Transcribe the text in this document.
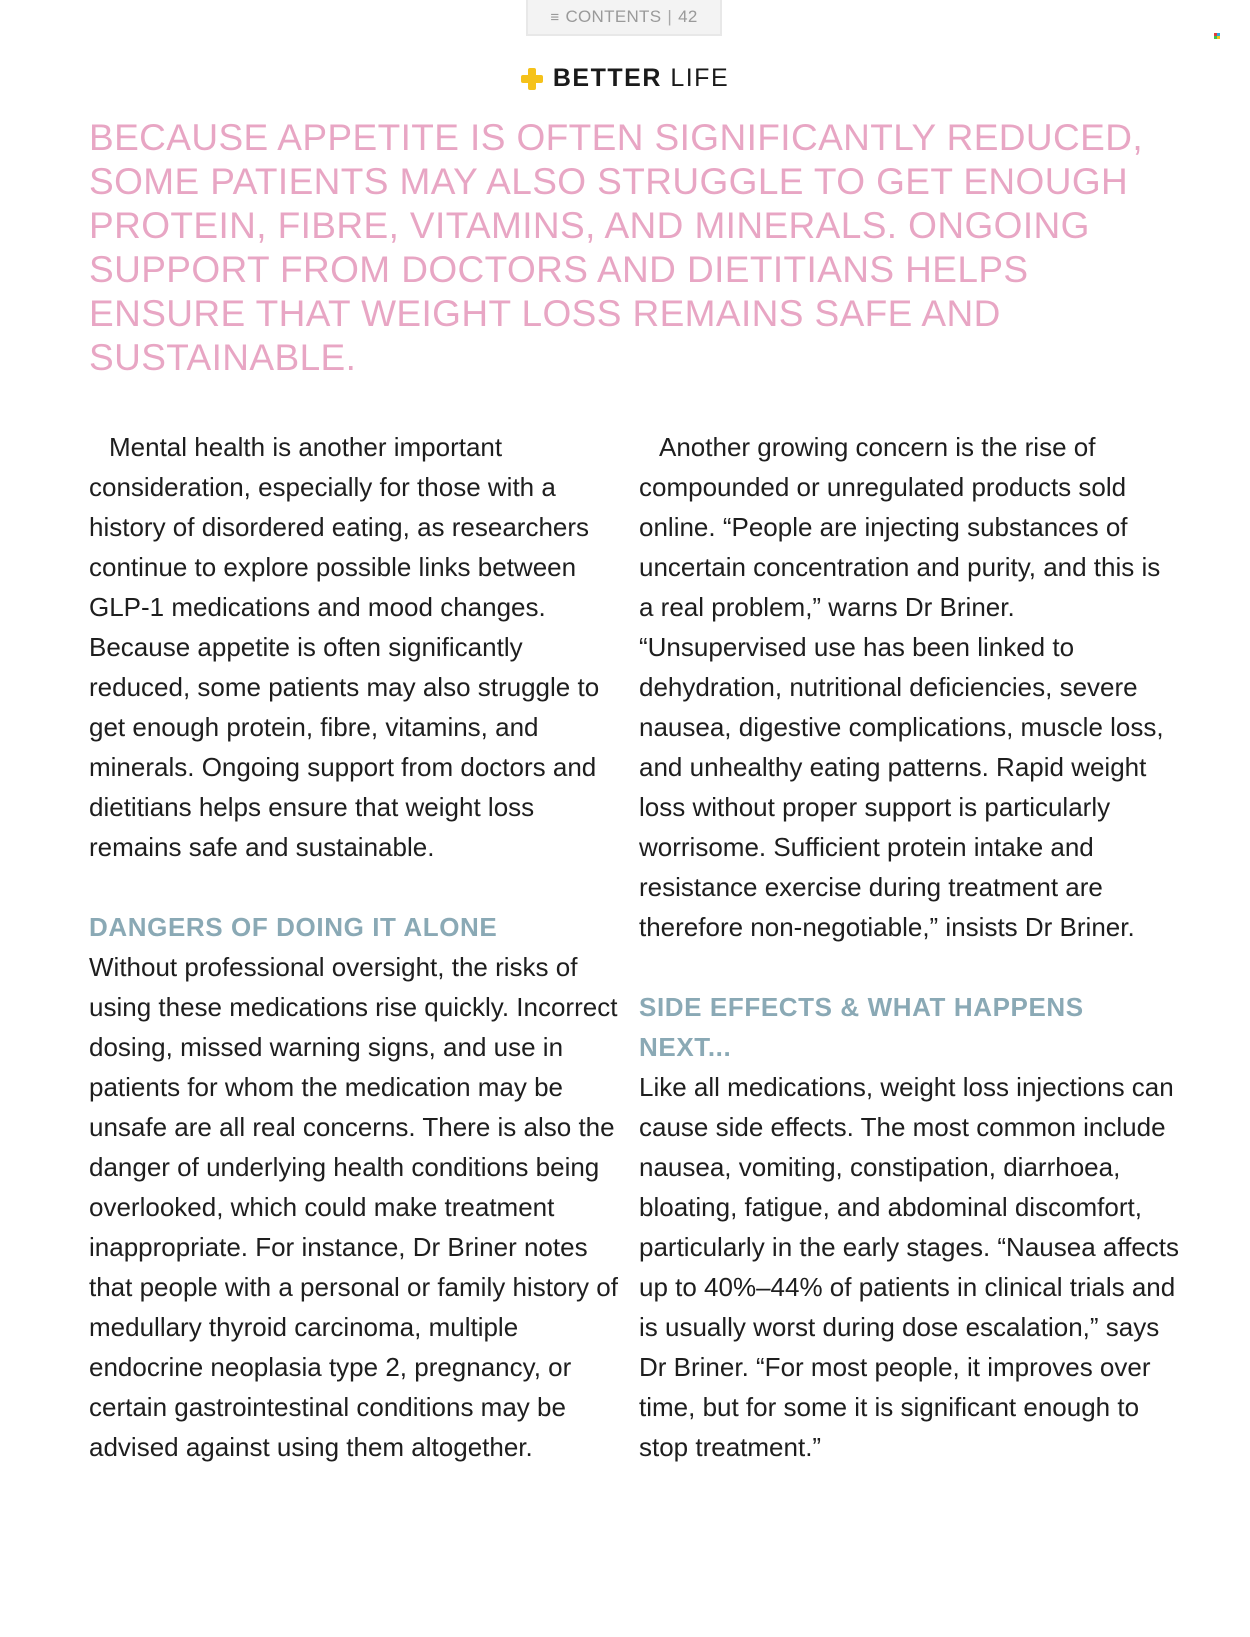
≡ CONTENTS | 42
BETTER LIFE

BECAUSE APPETITE IS OFTEN SIGNIFICANTLY REDUCED, SOME PATIENTS MAY ALSO STRUGGLE TO GET ENOUGH PROTEIN, FIBRE, VITAMINS, AND MINERALS. ONGOING SUPPORT FROM DOCTORS AND DIETITIANS HELPS ENSURE THAT WEIGHT LOSS REMAINS SAFE AND SUSTAINABLE.

Mental health is another important consideration, especially for those with a history of disordered eating, as researchers continue to explore possible links between GLP-1 medications and mood changes. Because appetite is often significantly reduced, some patients may also struggle to get enough protein, fibre, vitamins, and minerals. Ongoing support from doctors and dietitians helps ensure that weight loss remains safe and sustainable.

DANGERS OF DOING IT ALONE

Without professional oversight, the risks of using these medications rise quickly. Incorrect dosing, missed warning signs, and use in patients for whom the medication may be unsafe are all real concerns. There is also the danger of underlying health conditions being overlooked, which could make treatment inappropriate. For instance, Dr Briner notes that people with a personal or family history of medullary thyroid carcinoma, multiple endocrine neoplasia type 2, pregnancy, or certain gastrointestinal conditions may be advised against using them altogether.

Another growing concern is the rise of compounded or unregulated products sold online. “People are injecting substances of uncertain concentration and purity, and this is a real problem,” warns Dr Briner. “Unsupervised use has been linked to dehydration, nutritional deficiencies, severe nausea, digestive complications, muscle loss, and unhealthy eating patterns. Rapid weight loss without proper support is particularly worrisome. Sufficient protein intake and resistance exercise during treatment are therefore non-negotiable,” insists Dr Briner.

SIDE EFFECTS & WHAT HAPPENS NEXT...

Like all medications, weight loss injections can cause side effects. The most common include nausea, vomiting, constipation, diarrhoea, bloating, fatigue, and abdominal discomfort, particularly in the early stages. “Nausea affects up to 40%–44% of patients in clinical trials and is usually worst during dose escalation,” says Dr Briner. “For most people, it improves over time, but for some it is significant enough to stop treatment.”
